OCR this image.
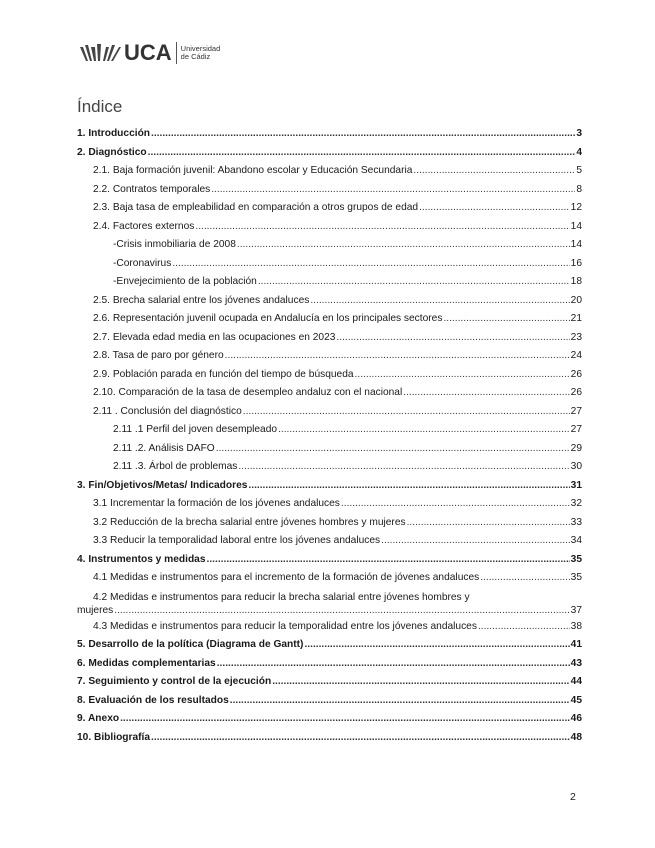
UCA Universidad
de Cádiz
Índice
1. Introducción .....	3
2. Diagnóstico .....	4
2.1. Baja formación juvenil: Abandono escolar y Educación Secundaria .....	5
2.2. Contratos temporales .....	8
2.3. Baja tasa de empleabilidad en comparación a otros grupos de edad .....	12
2.4. Factores externos .....	14
-Crisis inmobiliaria de 2008 .....	14
-Coronavirus .....	16
-Envejecimiento de la población .....	18
2.5. Brecha salarial entre los jóvenes andaluces .....	20
2.6. Representación juvenil ocupada en Andalucía en los principales sectores .....	21
2.7. Elevada edad media en las ocupaciones en 2023 .....	23
2.8. Tasa de paro por género .....	24
2.9. Población parada en función del tiempo de búsqueda .....	26
2.10. Comparación de la tasa de desempleo andaluz con el nacional .....	26
2.11 . Conclusión del diagnóstico .....	27
2.11 .1 Perfil del joven desempleado .....	27
2.11 .2. Análisis DAFO .....	29
2.11 .3. Árbol de problemas .....	30
3. Fin/Objetivos/Metas/ Indicadores .....	31
3.1 Incrementar la formación de los jóvenes andaluces .....	32
3.2 Reducción de la brecha salarial entre jóvenes hombres y mujeres .....	33
3.3 Reducir la temporalidad laboral entre los jóvenes andaluces .....	34
4. Instrumentos y medidas .....	35
4.1 Medidas e instrumentos para el incremento de la formación de jóvenes andaluces .....	35
4.2 Medidas e instrumentos para reducir la brecha salarial entre jóvenes hombres y
mujeres .....	37
4.3 Medidas e instrumentos para reducir la temporalidad entre los jóvenes andaluces .....	38
5. Desarrollo de la política (Diagrama de Gantt) .....	41
6. Medidas complementarias .....	43
7. Seguimiento y control de la ejecución .....	44
8. Evaluación de los resultados .....	45
9. Anexo .....	46
10. Bibliografía .....	48
2
